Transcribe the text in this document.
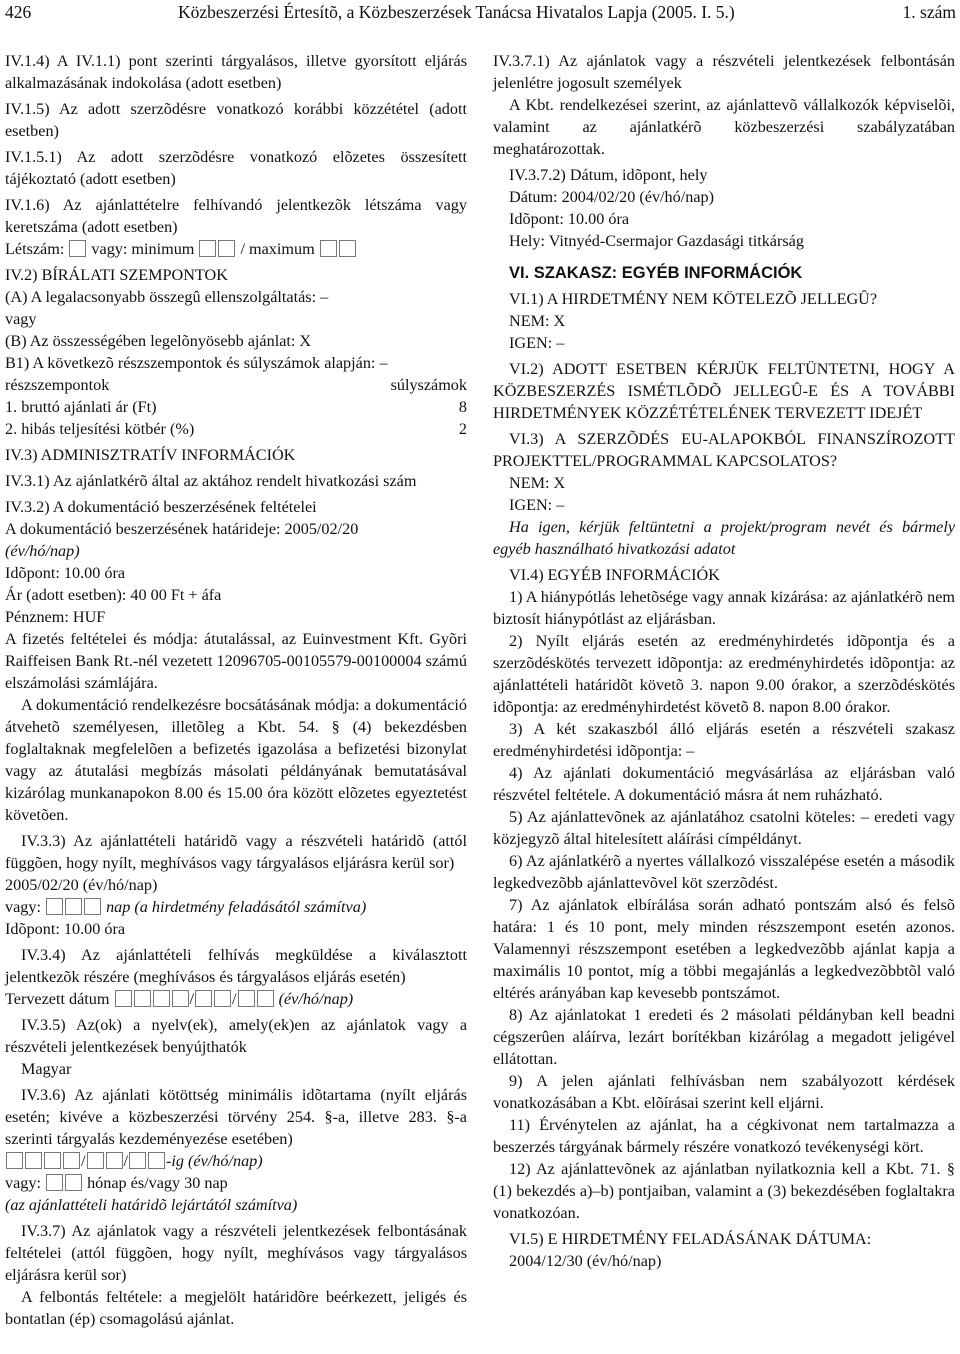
426	Közbeszerzési Értesítõ, a Közbeszerzések Tanácsa Hivatalos Lapja (2005. I. 5.)	1. szám

IV.1.4) A IV.1.1) pont szerinti tárgyalásos, illetve gyorsított eljárás alkalmazásának indokolása (adott esetben)

IV.1.5) Az adott szerzõdésre vonatkozó korábbi közzététel (adott esetben)

IV.1.5.1) Az adott szerzõdésre vonatkozó elõzetes összesített tájékoztató (adott esetben)

IV.1.6) Az ajánlattételre felhívandó jelentkezõk létszáma vagy keretszáma (adott esetben)

Létszám: vagy: minimum	/ maximum

IV.2) BÍRÁLATI SZEMPONTOK

(A) A legalacsonyabb összegû ellenszolgáltatás: –

vagy

(B) Az összességében legelõnyösebb ajánlat: X

B1) A következõ részszempontok és súlyszámok alapján: –

részszempontok	súlyszámok
1. bruttó ajánlati ár (Ft)	8
2. hibás teljesítési kötbér (%)	2

IV.3) ADMINISZTRATÍV INFORMÁCIÓK

IV.3.1) Az ajánlatkérõ által az aktához rendelt hivatkozási szám

IV.3.2) A dokumentáció beszerzésének feltételei

A dokumentáció beszerzésének határideje: 2005/02/20

(év/hó/nap)

Idõpont: 10.00 óra

Ár (adott esetben): 40 00 Ft + áfa

Pénznem: HUF

A fizetés feltételei és módja: átutalással, az Euinvestment Kft. Gyõri Raiffeisen Bank Rt.-nél vezetett 12096705-00105579-00100004 számú elszámolási számlájára.

A dokumentáció rendelkezésre bocsátásának módja: a dokumentáció átvehetõ személyesen, illetõleg a Kbt. 54. § (4) bekezdésben foglaltaknak megfelelõen a befizetés igazolása a befizetési bizonylat vagy az átutalási megbízás másolati példányának bemutatásával kizárólag munkanapokon 8.00 és 15.00 óra között elõzetes egyeztetést követõen.

IV.3.3) Az ajánlattételi határidõ vagy a részvételi határidõ (attól függõen, hogy nyílt, meghívásos vagy tárgyalásos eljárásra kerül sor)

2005/02/20 (év/hó/nap)

vagy:	nap (a hirdetmény feladásától számítva)

Idõpont: 10.00 óra

IV.3.4) Az ajánlattételi felhívás megküldése a kiválasztott jelentkezõk részére (meghívásos és tárgyalásos eljárás esetén)

Tervezett dátum	/ /	(év/hó/nap)

IV.3.5) Az(ok) a nyelv(ek), amely(ek)en az ajánlatok vagy a részvételi jelentkezések benyújthatók

Magyar

IV.3.6) Az ajánlati kötöttség minimális idõtartama (nyílt eljárás esetén; kivéve a közbeszerzési törvény 254. §-a, illetve 283. §-a szerinti tárgyalás kezdeményezése esetében)

/ / -ig (év/hó/nap)

vagy:	hónap és/vagy 30 nap

(az ajánlattételi határidõ lejártától számítva)

IV.3.7) Az ajánlatok vagy a részvételi jelentkezések felbontásának feltételei (attól függõen, hogy nyílt, meghívásos vagy tárgyalásos eljárásra kerül sor)

A felbontás feltétele: a megjelölt határidõre beérkezett, jeligés és bontatlan (ép) csomagolású ajánlat.

IV.3.7.1) Az ajánlatok vagy a részvételi jelentkezések felbontásán jelenlétre jogosult személyek

A Kbt. rendelkezései szerint, az ajánlattevõ vállalkozók képviselõi, valamint az ajánlatkérõ közbeszerzési szabályzatában meghatározottak.

IV.3.7.2) Dátum, idõpont, hely

Dátum: 2004/02/20 (év/hó/nap)

Idõpont: 10.00 óra

Hely: Vitnyéd-Csermajor Gazdasági titkárság

VI. SZAKASZ: EGYÉB INFORMÁCIÓK

VI.1) A HIRDETMÉNY NEM KÖTELEZÕ JELLEGÛ?

NEM: X

IGEN: –

VI.2) ADOTT ESETBEN KÉRJÜK FELTÜNTETNI, HOGY A KÖZBESZERZÉS ISMÉTLÕDÕ JELLEGÛ-E ÉS A TOVÁBBI HIRDETMÉNYEK KÖZZÉTÉTELÉNEK TERVEZETT IDEJÉT

VI.3) A SZERZÕDÉS EU-ALAPOKBÓL FINANSZÍROZOTT PROJEKTTEL/PROGRAMMAL KAPCSOLATOS?

NEM: X

IGEN: –

Ha igen, kérjük feltüntetni a projekt/program nevét és bármely egyéb használható hivatkozási adatot

VI.4) EGYÉB INFORMÁCIÓK

1) A hiánypótlás lehetõsége vagy annak kizárása: az ajánlatkérõ nem biztosít hiánypótlást az eljárásban.

2) Nyílt eljárás esetén az eredményhirdetés idõpontja és a szerzõdéskötés tervezett idõpontja: az eredményhirdetés idõpontja: az ajánlattételi határidõt követõ 3. napon 9.00 órakor, a szerzõdéskötés idõpontja: az eredményhirdetést követõ 8. napon 8.00 órakor.

3) A két szakaszból álló eljárás esetén a részvételi szakasz eredményhirdetési idõpontja: –

4) Az ajánlati dokumentáció megvásárlása az eljárásban való részvétel feltétele. A dokumentáció másra át nem ruházható.

5) Az ajánlattevõnek az ajánlatához csatolni köteles: – eredeti vagy közjegyzõ által hitelesített aláírási címpéldányt.

6) Az ajánlatkérõ a nyertes vállalkozó visszalépése esetén a második legkedvezõbb ajánlattevõvel köt szerzõdést.

7) Az ajánlatok elbírálása során adható pontszám alsó és felsõ határa: 1 és 10 pont, mely minden részszempont esetén azonos. Valamennyi részszempont esetében a legkedvezõbb ajánlat kapja a maximális 10 pontot, míg a többi megajánlás a legkedvezõbbtõl való eltérés arányában kap kevesebb pontszámot.

8) Az ajánlatokat 1 eredeti és 2 másolati példányban kell beadni cégszerûen aláírva, lezárt borítékban kizárólag a megadott jeligével ellátottan.

9) A jelen ajánlati felhívásban nem szabályozott kérdések vonatkozásában a Kbt. elõírásai szerint kell eljárni.

11) Érvénytelen az ajánlat, ha a cégkivonat nem tartalmazza a beszerzés tárgyának bármely részére vonatkozó tevékenységi kört.

12) Az ajánlattevõnek az ajánlatban nyilatkoznia kell a Kbt. 71. § (1) bekezdés a)–b) pontjaiban, valamint a (3) bekezdésében foglaltakra vonatkozóan.

VI.5) E HIRDETMÉNY FELADÁSÁNAK DÁTUMA:

2004/12/30 (év/hó/nap)
